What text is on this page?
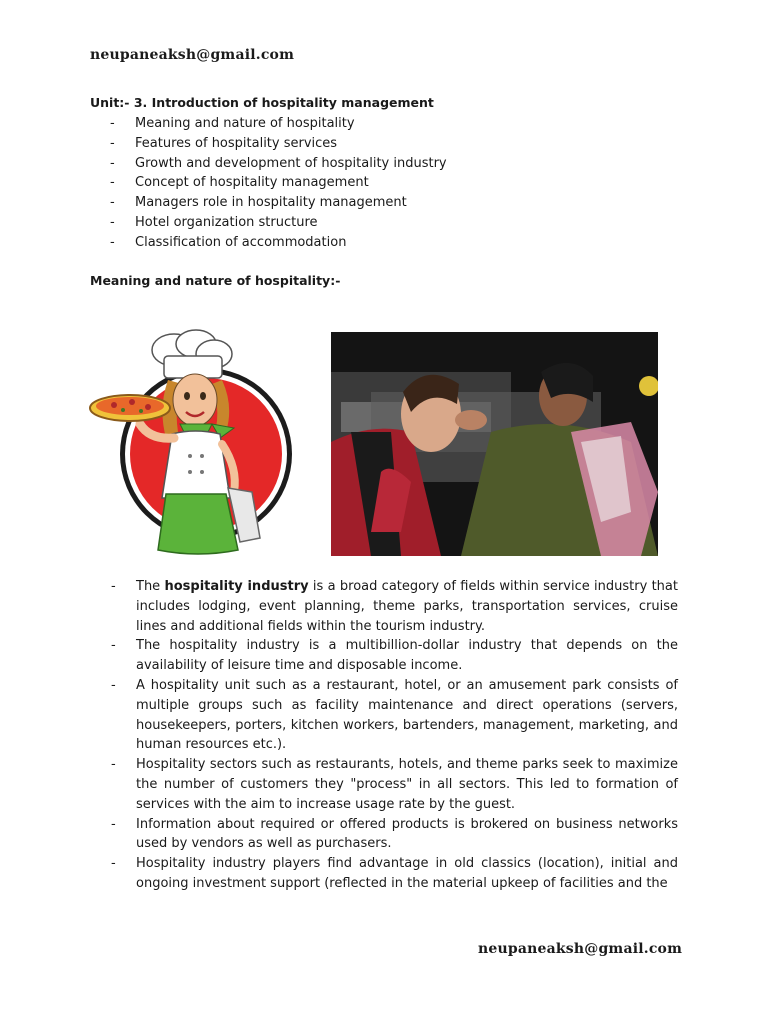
neupaneaksh@gmail.com
Unit:- 3. Introduction of hospitality management
- Meaning and nature of hospitality
- Features of hospitality services
- Growth and development of hospitality industry
- Concept of hospitality management
- Managers role in hospitality management
- Hotel organization structure
- Classification of accommodation
Meaning and nature of hospitality:-
- The hospitality industry is a broad category of fields within service industry that includes lodging, event planning, theme parks, transportation services, cruise lines and additional fields within the tourism industry.
- The hospitality industry is a multibillion-dollar industry that depends on the availability of leisure time and disposable income.
- A hospitality unit such as a restaurant, hotel, or an amusement park consists of multiple groups such as facility maintenance and direct operations (servers, housekeepers, porters, kitchen workers, bartenders, management, marketing, and human resources etc.).
- Hospitality sectors such as restaurants, hotels, and theme parks seek to maximize the number of customers they "process" in all sectors. This led to formation of services with the aim to increase usage rate by the guest.
- Information about required or offered products is brokered on business networks used by vendors as well as purchasers.
- Hospitality industry players find advantage in old classics (location), initial and ongoing investment support (reflected in the material upkeep of facilities and the
neupaneaksh@gmail.com
